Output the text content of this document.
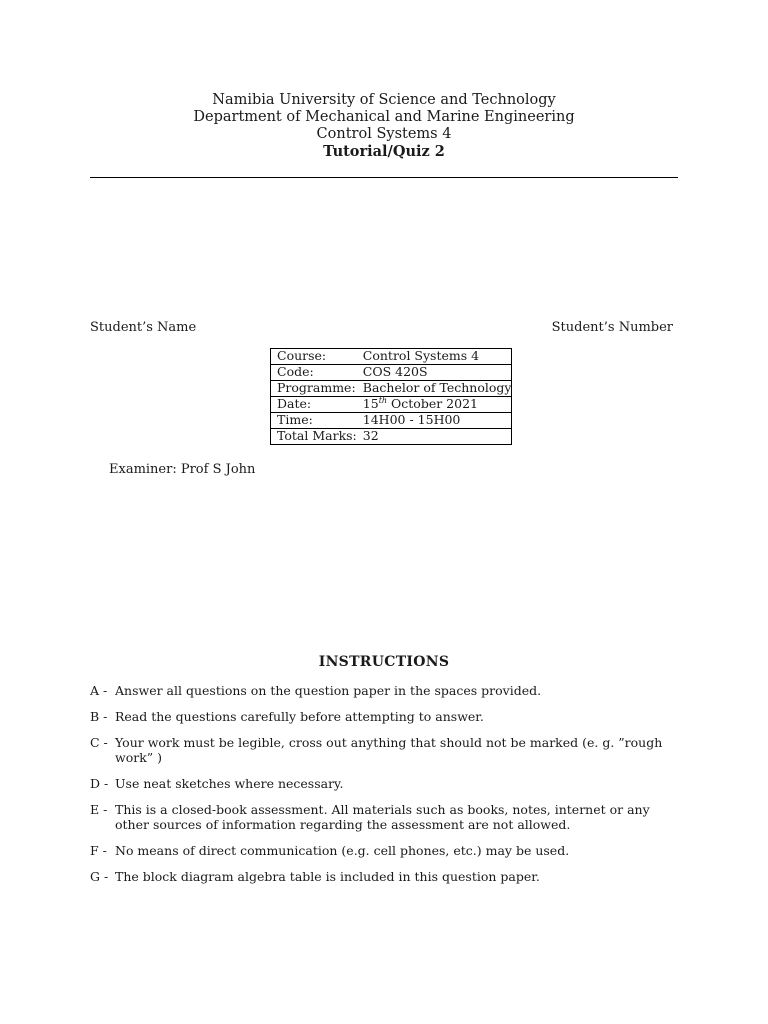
Namibia University of Science and Technology
Department of Mechanical and Marine Engineering
Control Systems 4
Tutorial/Quiz 2
Student’s Name	Student’s Number
Course:	Control Systems 4
Code:	COS 420S
Programme:	Bachelor of Technology
Date:	15th October 2021
Time:	14H00 - 15H00
Total Marks:	32
Examiner: Prof S John
INSTRUCTIONS
A - Answer all questions on the question paper in the spaces provided.
B - Read the questions carefully before attempting to answer.
C - Your work must be legible, cross out anything that should not be marked (e. g. ”rough work” )
D - Use neat sketches where necessary.
E - This is a closed-book assessment. All materials such as books, notes, internet or any other sources of information regarding the assessment are not allowed.
F - No means of direct communication (e.g. cell phones, etc.) may be used.
G - The block diagram algebra table is included in this question paper.
